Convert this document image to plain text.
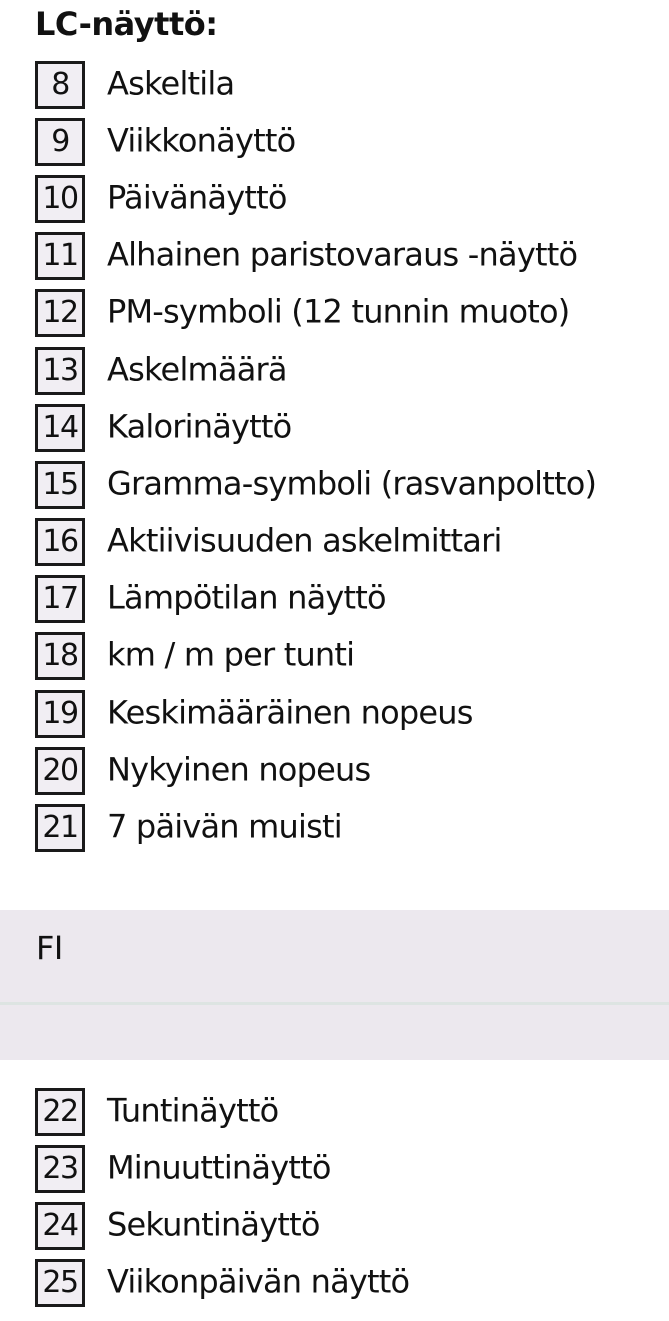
LC-näyttö:
8	Askeltila
9	Viikkonäyttö
10 Päivänäyttö
11 Alhainen paristovaraus -näyttö
12 PM-symboli (12 tunnin muoto)
13 Askelmäärä
14 Kalorinäyttö
15 Gramma-symboli (rasvanpoltto)
16 Aktiivisuuden askelmittari
17 Lämpötilan näyttö
18 km / m per tunti
19 Keskimääräinen nopeus
20 Nykyinen nopeus
21 7 päivän muisti
FI
22 Tuntinäyttö
23 Minuuttinäyttö
24 Sekuntinäyttö
25 Viikonpäivän näyttö
